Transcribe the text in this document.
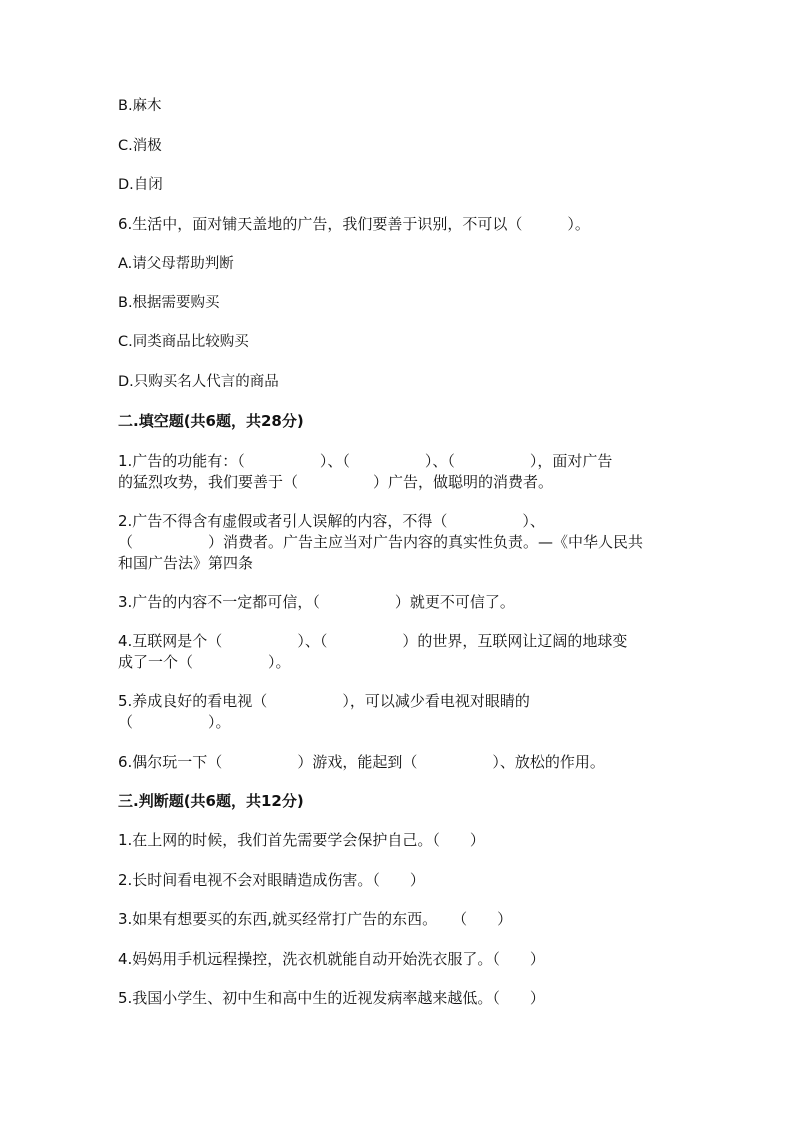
B.麻木
C.消极
D.自闭
6.生活中，面对铺天盖地的广告，我们要善于识别，不可以（　　　）。
A.请父母帮助判断
B.根据需要购买
C.同类商品比较购买
D.只购买名人代言的商品
二.填空题(共6题，共28分)
1.广告的功能有：（　　　　　）、（　　　　　）、（　　　　　），面对广告
的猛烈攻势，我们要善于（　　　　　）广告，做聪明的消费者。
2.广告不得含有虚假或者引人误解的内容，不得（　　　　　）、
（　　　　　）消费者。广告主应当对广告内容的真实性负责。—《中华人民共
和国广告法》第四条
3.广告的内容不一定都可信，（　　　　　）就更不可信了。
4.互联网是个（　　　　　）、（　　　　　）的世界，互联网让辽阔的地球变
成了一个（　　　　　）。
5.养成良好的看电视（　　　　　），可以减少看电视对眼睛的
（　　　　　）。
6.偶尔玩一下（　　　　　）游戏，能起到（　　　　　）、放松的作用。
三.判断题(共6题，共12分)
1.在上网的时候，我们首先需要学会保护自己。（　　）
2.长时间看电视不会对眼睛造成伤害。（　　）
3.如果有想要买的东西,就买经常打广告的东西。　　（　　）
4.妈妈用手机远程操控，洗衣机就能自动开始洗衣服了。（　　）
5.我国小学生、初中生和高中生的近视发病率越来越低。（　　）
